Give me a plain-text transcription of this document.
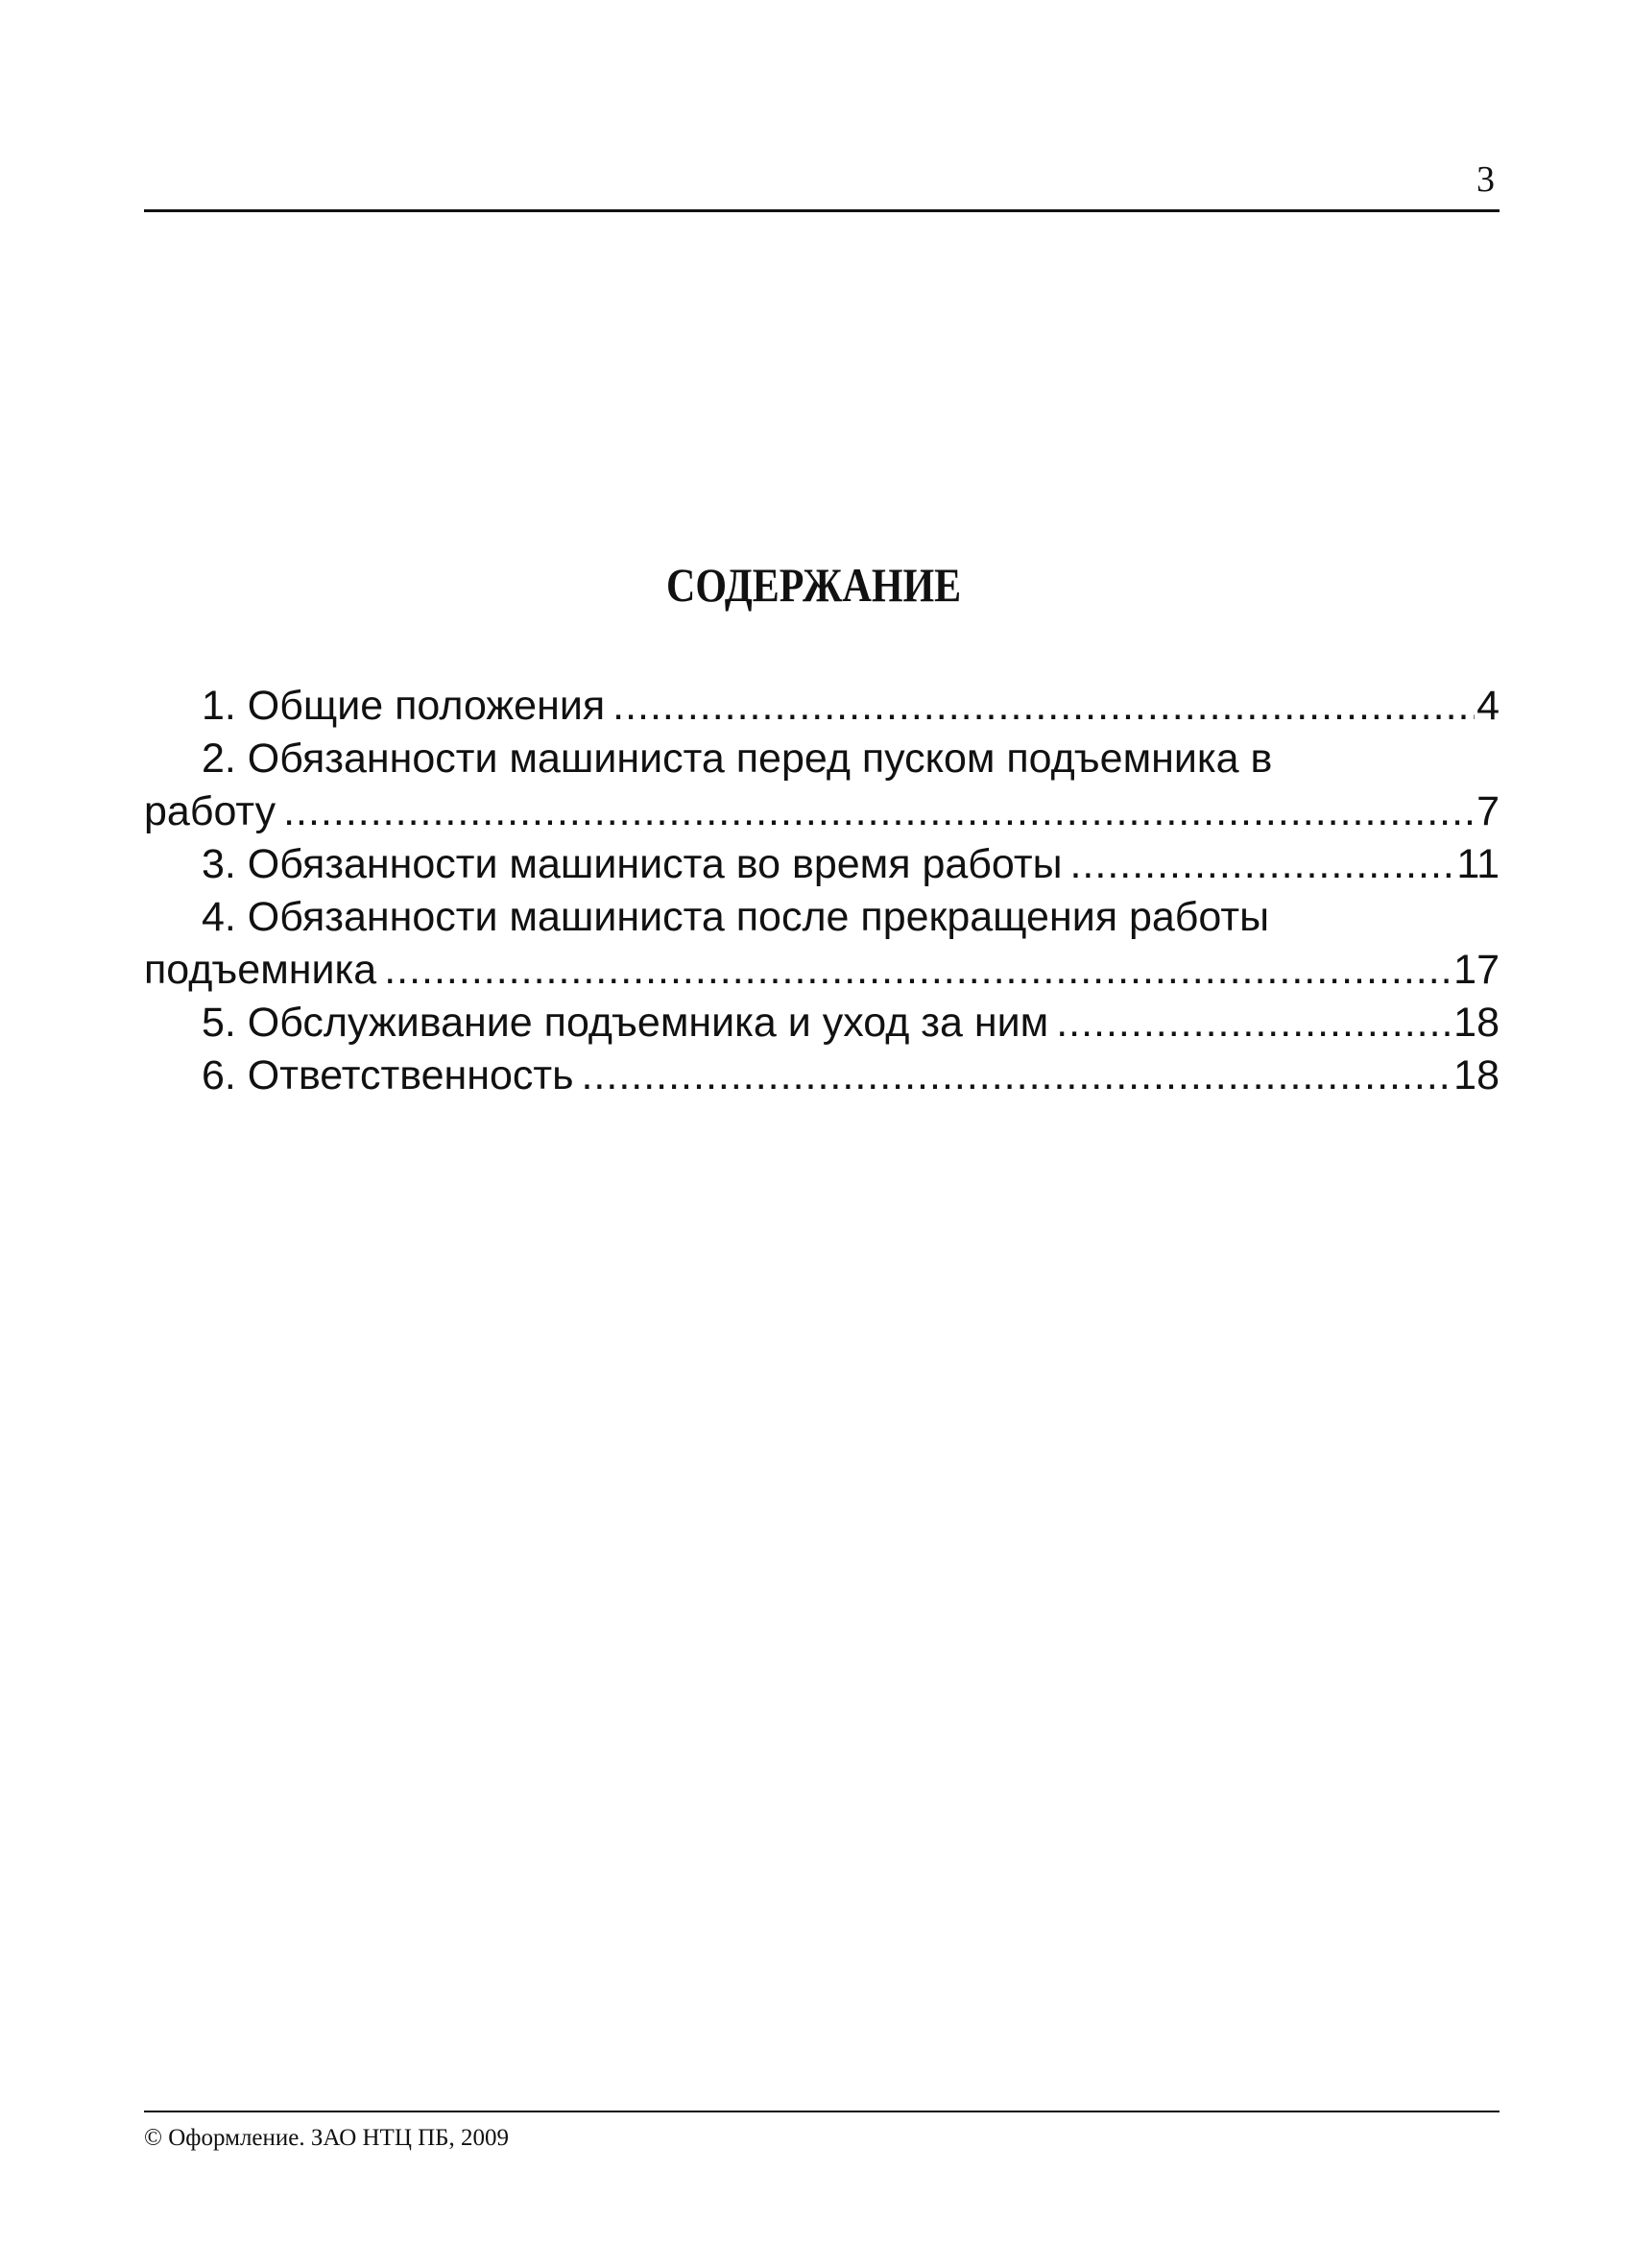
3
СОДЕРЖАНИЕ
1. Общие положения .....	4
2. Обязанности машиниста перед пуском подъемника в
работу .....	7
3. Обязанности машиниста во время работы .....	11
4. Обязанности машиниста после прекращения работы
подъемника .....	17
5. Обслуживание подъемника и уход за ним .....	18
6. Ответственность .....	18
© Оформление. ЗАО НТЦ ПБ, 2009
